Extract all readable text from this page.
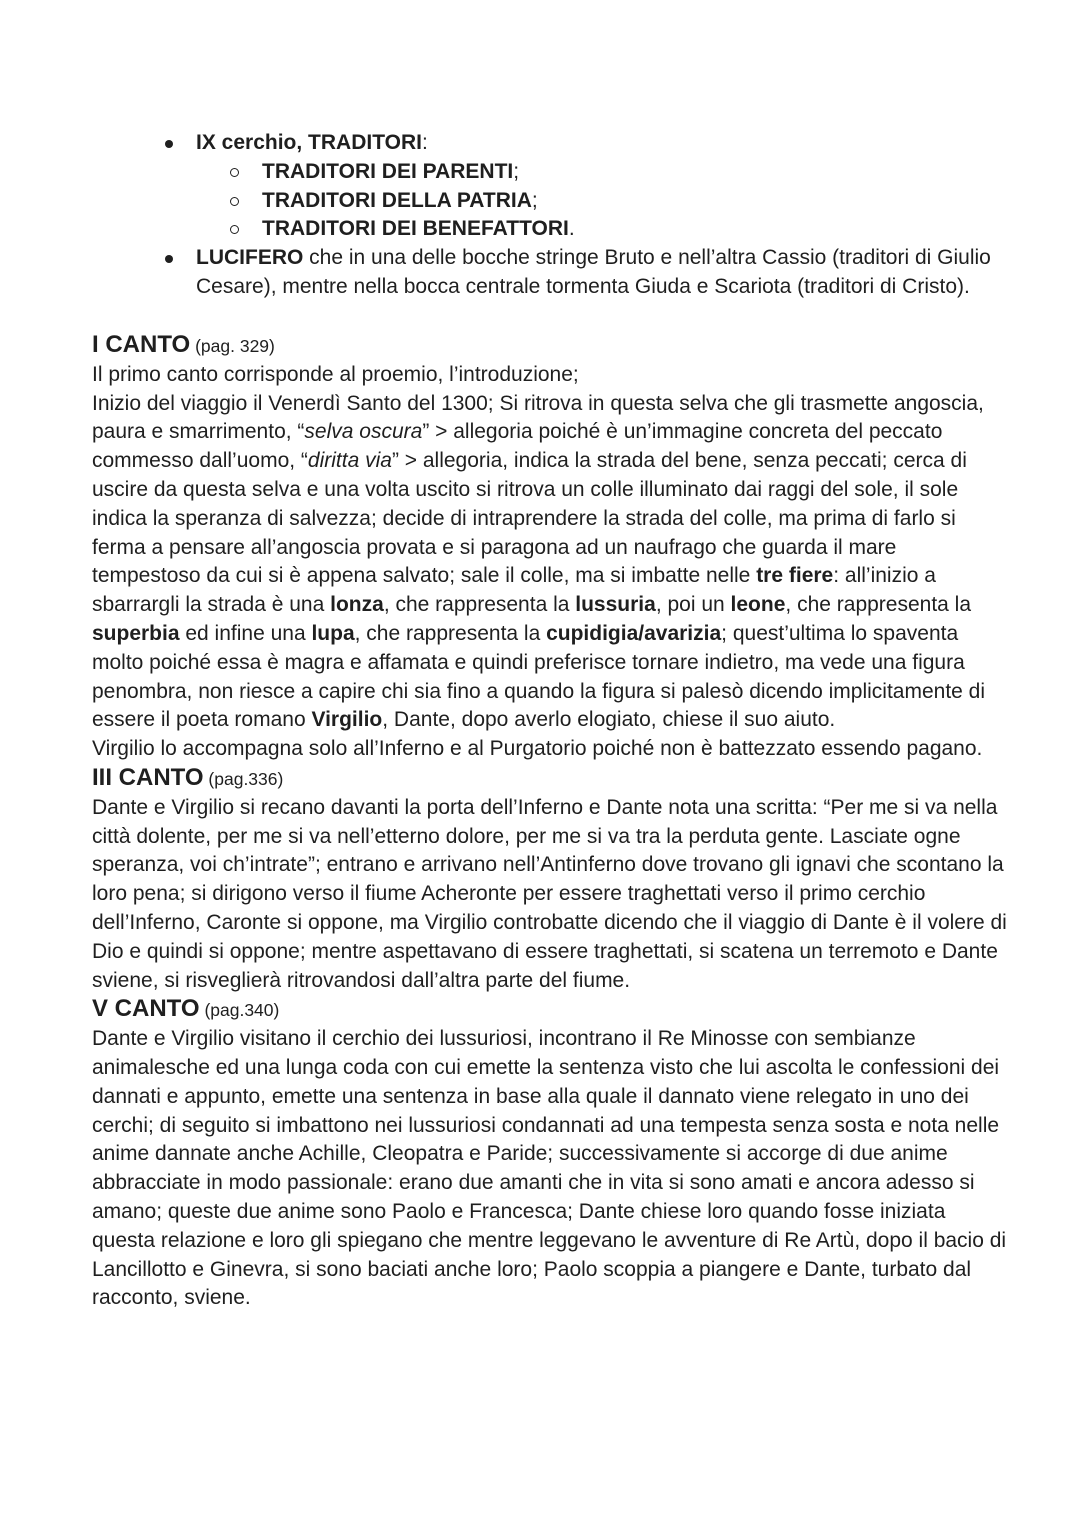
IX cerchio, TRADITORI:
TRADITORI DEI PARENTI;
TRADITORI DELLA PATRIA;
TRADITORI DEI BENEFATTORI.
LUCIFERO che in una delle bocche stringe Bruto e nell’altra Cassio (traditori di Giulio Cesare), mentre nella bocca centrale tormenta Giuda e Scariota (traditori di Cristo).
I CANTO (pag. 329)

Il primo canto corrisponde al proemio, l’introduzione;

Inizio del viaggio il Venerdì Santo del 1300; Si ritrova in questa selva che gli trasmette angoscia, paura e smarrimento, “selva oscura” > allegoria poiché è un’immagine concreta del peccato commesso dall’uomo, “diritta via” > allegoria, indica la strada del bene, senza peccati; cerca di uscire da questa selva e una volta uscito si ritrova un colle illuminato dai raggi del sole, il sole indica la speranza di salvezza; decide di intraprendere la strada del colle, ma prima di farlo si ferma a pensare all’angoscia provata e si paragona ad un naufrago che guarda il mare tempestoso da cui si è appena salvato; sale il colle, ma si imbatte nelle tre fiere: all’inizio a sbarrargli la strada è una lonza, che rappresenta la lussuria, poi un leone, che rappresenta la superbia ed infine una lupa, che rappresenta la cupidigia/avarizia; quest’ultima lo spaventa molto poiché essa è magra e affamata e quindi preferisce tornare indietro, ma vede una figura penombra, non riesce a capire chi sia fino a quando la figura si palesò dicendo implicitamente di essere il poeta romano Virgilio, Dante, dopo averlo elogiato, chiese il suo aiuto.

Virgilio lo accompagna solo all’Inferno e al Purgatorio poiché non è battezzato essendo pagano.

III CANTO (pag.336)

Dante e Virgilio si recano davanti la porta dell’Inferno e Dante nota una scritta: “Per me si va nella città dolente, per me si va nell’etterno dolore, per me si va tra la perduta gente. Lasciate ogne speranza, voi ch’intrate”; entrano e arrivano nell’Antinferno dove trovano gli ignavi che scontano la loro pena; si dirigono verso il fiume Acheronte per essere traghettati verso il primo cerchio dell’Inferno, Caronte si oppone, ma Virgilio controbatte dicendo che il viaggio di Dante è il volere di Dio e quindi si oppone; mentre aspettavano di essere traghettati, si scatena un terremoto e Dante sviene, si risveglierà ritrovandosi dall’altra parte del fiume.

V CANTO (pag.340)

Dante e Virgilio visitano il cerchio dei lussuriosi, incontrano il Re Minosse con sembianze animalesche ed una lunga coda con cui emette la sentenza visto che lui ascolta le confessioni dei dannati e appunto, emette una sentenza in base alla quale il dannato viene relegato in uno dei cerchi; di seguito si imbattono nei lussuriosi condannati ad una tempesta senza sosta e nota nelle anime dannate anche Achille, Cleopatra e Paride; successivamente si accorge di due anime abbracciate in modo passionale: erano due amanti che in vita si sono amati e ancora adesso si amano; queste due anime sono Paolo e Francesca; Dante chiese loro quando fosse iniziata questa relazione e loro gli spiegano che mentre leggevano le avventure di Re Artù, dopo il bacio di Lancillotto e Ginevra, si sono baciati anche loro; Paolo scoppia a piangere e Dante, turbato dal racconto, sviene.
